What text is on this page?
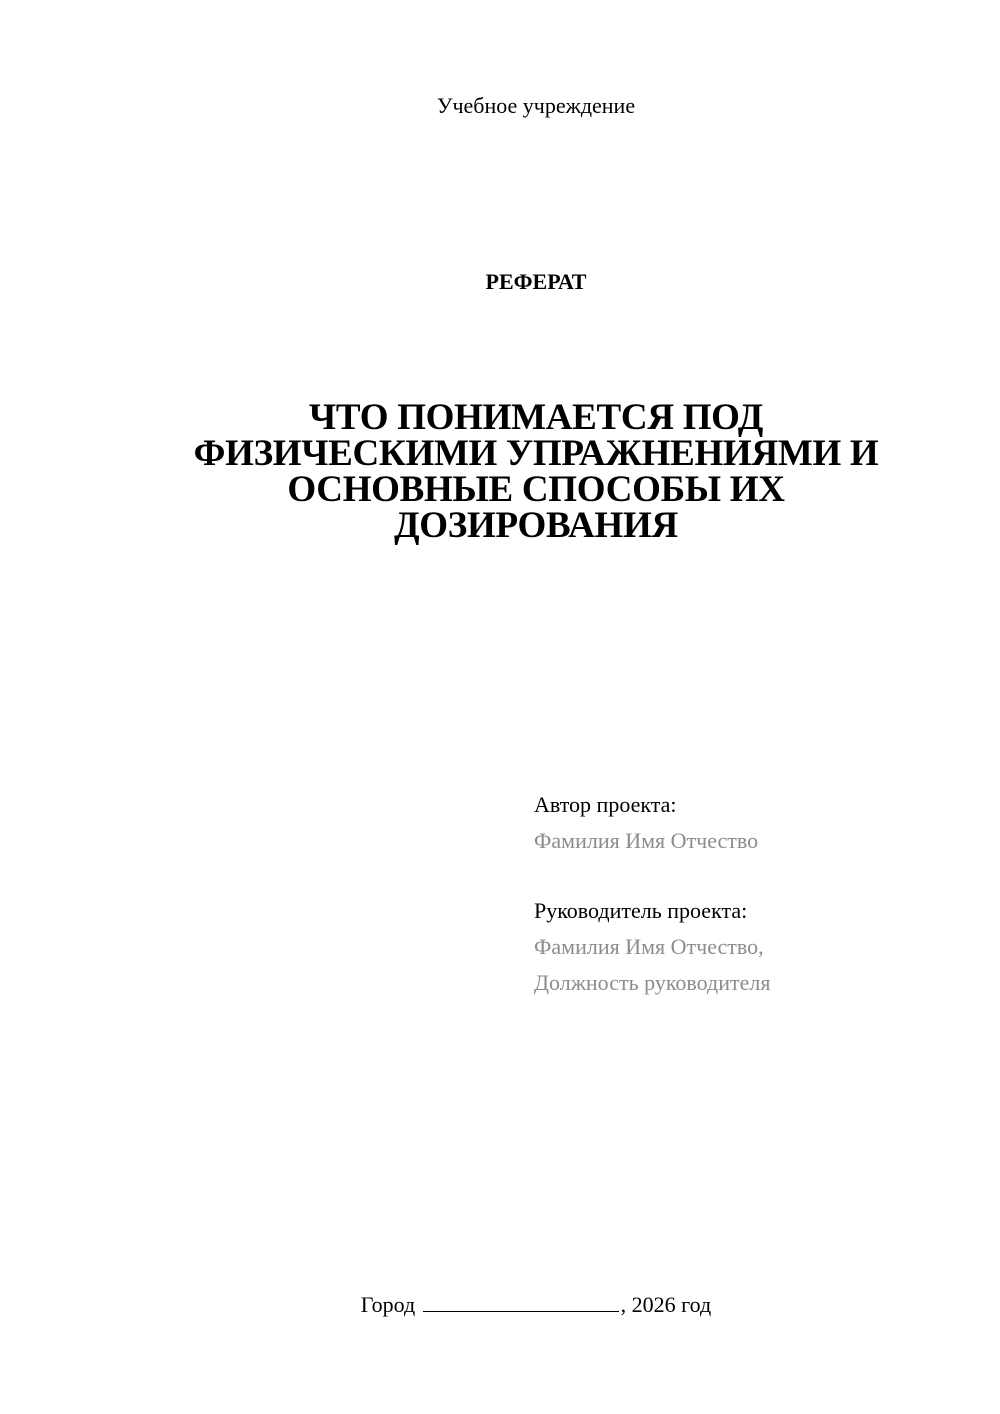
Учебное учреждение
РЕФЕРАТ
ЧТО ПОНИМАЕТСЯ ПОД
ФИЗИЧЕСКИМИ УПРАЖНЕНИЯМИ И
ОСНОВНЫЕ СПОСОБЫ ИХ
ДОЗИРОВАНИЯ
Автор проекта:
Фамилия Имя Отчество
Руководитель проекта:
Фамилия Имя Отчество,
Должность руководителя
Город	, 2026 год
